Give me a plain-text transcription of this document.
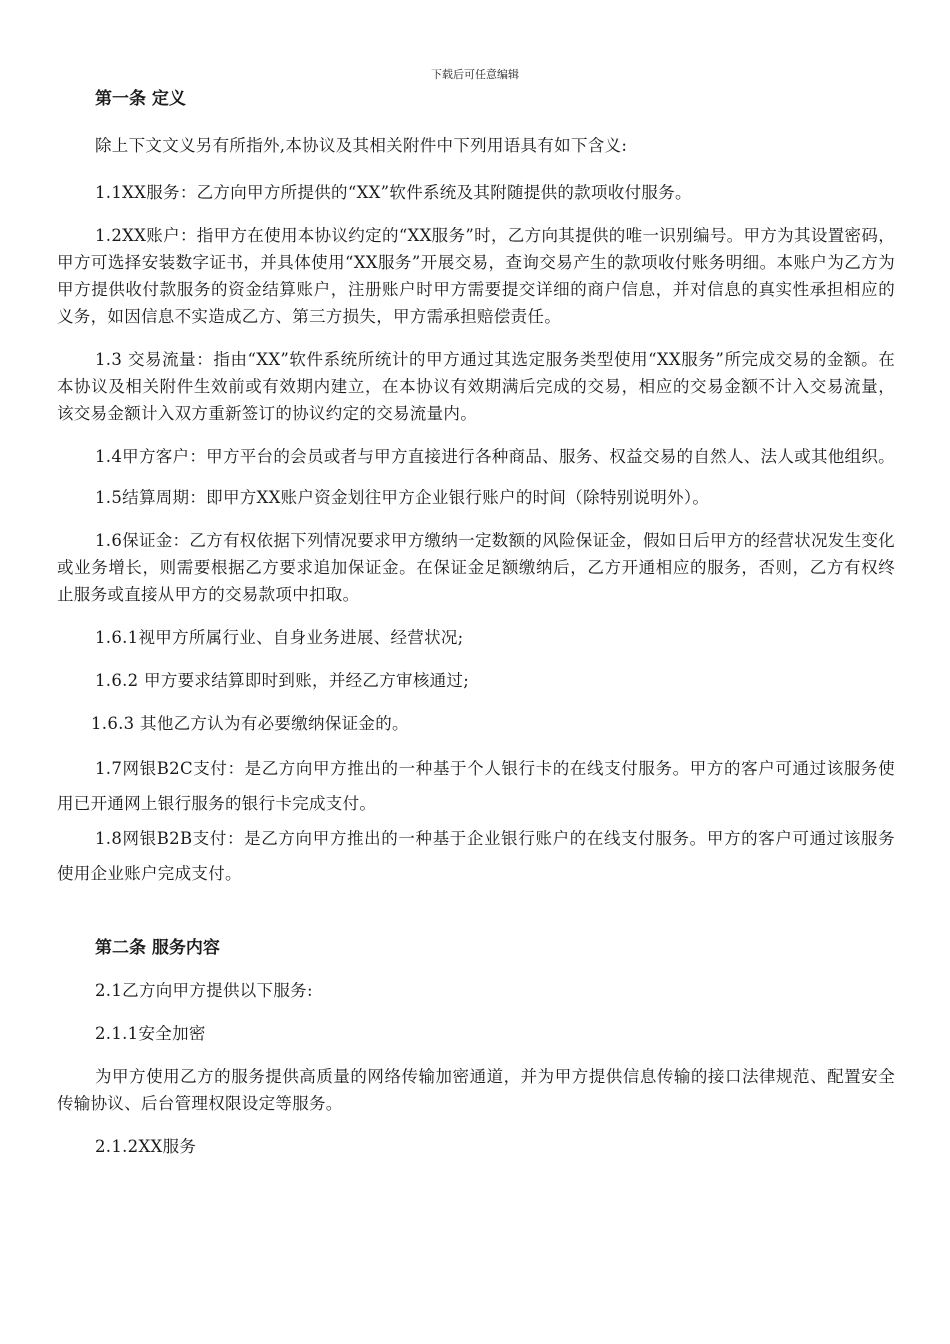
下载后可任意编辑
第一条 定义

除上下文文义另有所指外,本协议及其相关附件中下列用语具有如下含义:

1.1XX服务：乙方向甲方所提供的“XX”软件系统及其附随提供的款项收付服务。

1.2XX账户：指甲方在使用本协议约定的“XX服务”时，乙方向其提供的唯一识别编号。甲方为其设置密码，甲方可选择安装数字证书，并具体使用“XX服务”开展交易，查询交易产生的款项收付账务明细。本账户为乙方为甲方提供收付款服务的资金结算账户，注册账户时甲方需要提交详细的商户信息，并对信息的真实性承担相应的义务，如因信息不实造成乙方、第三方损失，甲方需承担赔偿责任。

1.3 交易流量：指由“XX”软件系统所统计的甲方通过其选定服务类型使用“XX服务”所完成交易的金额。在本协议及相关附件生效前或有效期内建立，在本协议有效期满后完成的交易，相应的交易金额不计入交易流量，该交易金额计入双方重新签订的协议约定的交易流量内。

1.4甲方客户：甲方平台的会员或者与甲方直接进行各种商品、服务、权益交易的自然人、法人或其他组织。

1.5结算周期：即甲方XX账户资金划往甲方企业银行账户的时间（除特别说明外）。

1.6保证金：乙方有权依据下列情况要求甲方缴纳一定数额的风险保证金，假如日后甲方的经营状况发生变化或业务增长，则需要根据乙方要求追加保证金。在保证金足额缴纳后，乙方开通相应的服务，否则，乙方有权终止服务或直接从甲方的交易款项中扣取。

1.6.1视甲方所属行业、自身业务进展、经营状况;

1.6.2 甲方要求结算即时到账，并经乙方审核通过;

1.6.3 其他乙方认为有必要缴纳保证金的。

1.7网银B2C支付：是乙方向甲方推出的一种基于个人银行卡的在线支付服务。甲方的客户可通过该服务使用已开通网上银行服务的银行卡完成支付。

1.8网银B2B支付：是乙方向甲方推出的一种基于企业银行账户的在线支付服务。甲方的客户可通过该服务使用企业账户完成支付。

第二条 服务内容

2.1乙方向甲方提供以下服务:

2.1.1安全加密

为甲方使用乙方的服务提供高质量的网络传输加密通道，并为甲方提供信息传输的接口法律规范、配置安全传输协议、后台管理权限设定等服务。

2.1.2XX服务
